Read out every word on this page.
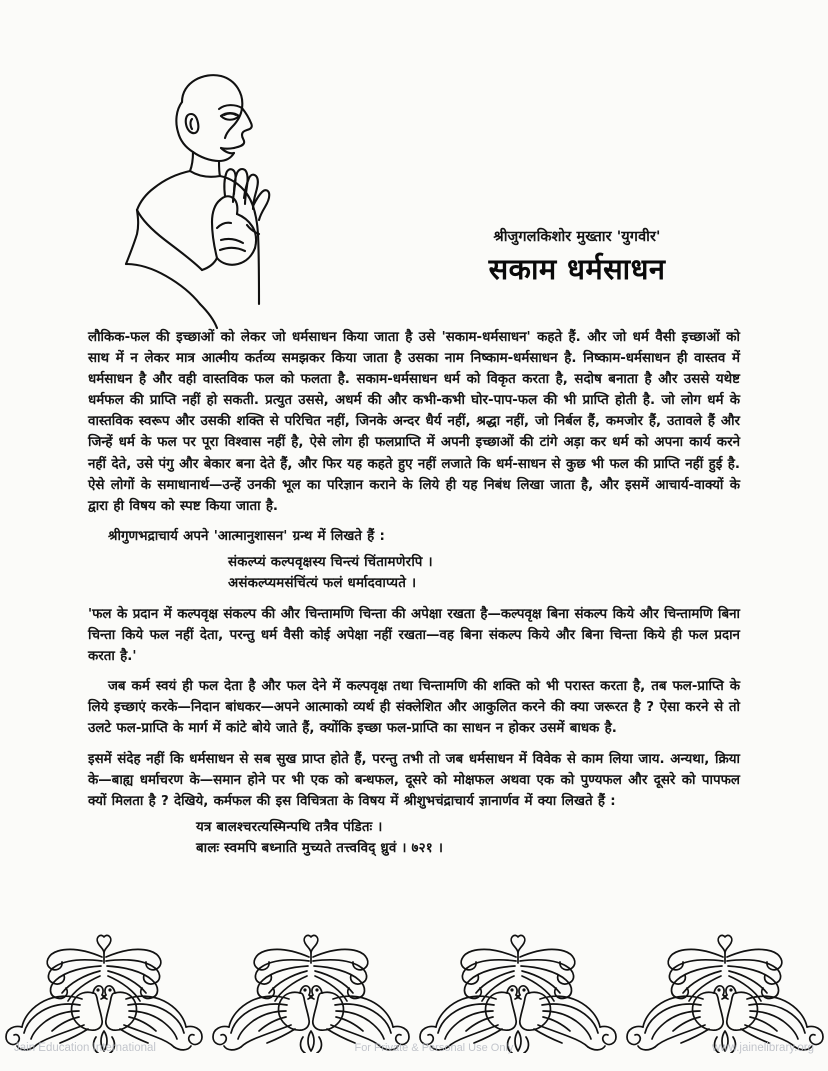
श्रीजुगलकिशोर मुख्तार 'युगवीर'
सकाम धर्मसाधन

लौकिक-फल की इच्छाओं को लेकर जो धर्मसाधन किया जाता है उसे 'सकाम-धर्मसाधन' कहते हैं. और जो धर्म वैसी इच्छाओं को साथ में न लेकर मात्र आत्मीय कर्तव्य समझकर किया जाता है उसका नाम निष्काम-धर्मसाधन है. निष्काम-धर्मसाधन ही वास्तव में धर्मसाधन है और वही वास्तविक फल को फलता है. सकाम-धर्मसाधन धर्म को विकृत करता है, सदोष बनाता है और उससे यथेष्ट धर्मफल की प्राप्ति नहीं हो सकती. प्रत्युत उससे, अधर्म की और कभी-कभी घोर-पाप-फल की भी प्राप्ति होती है. जो लोग धर्म के वास्तविक स्वरूप और उसकी शक्ति से परिचित नहीं, जिनके अन्दर धैर्य नहीं, श्रद्धा नहीं, जो निर्बल हैं, कमजोर हैं, उतावले हैं और जिन्हें धर्म के फल पर पूरा विश्वास नहीं है, ऐसे लोग ही फलप्राप्ति में अपनी इच्छाओं की टांगे अड़ा कर धर्म को अपना कार्य करने नहीं देते, उसे पंगु और बेकार बना देते हैं, और फिर यह कहते हुए नहीं लजाते कि धर्म-साधन से कुछ भी फल की प्राप्ति नहीं हुई है. ऐसे लोगों के समाधानार्थ—उन्हें उनकी भूल का परिज्ञान कराने के लिये ही यह निबंध लिखा जाता है, और इसमें आचार्य-वाक्यों के द्वारा ही विषय को स्पष्ट किया जाता है.

श्रीगुणभद्राचार्य अपने 'आत्मानुशासन' ग्रन्थ में लिखते हैं :

संकल्प्यं कल्पवृक्षस्य चिन्त्यं चिंतामणेरपि ।
असंकल्प्यमसंचिंत्यं फलं धर्मादवाप्यते ।

'फल के प्रदान में कल्पवृक्ष संकल्प की और चिन्तामणि चिन्ता की अपेक्षा रखता है—कल्पवृक्ष बिना संकल्प किये और चिन्तामणि बिना चिन्ता किये फल नहीं देता, परन्तु धर्म वैसी कोई अपेक्षा नहीं रखता—वह बिना संकल्प किये और बिना चिन्ता किये ही फल प्रदान करता है.'

जब कर्म स्वयं ही फल देता है और फल देने में कल्पवृक्ष तथा चिन्तामणि की शक्ति को भी परास्त करता है, तब फल-प्राप्ति के लिये इच्छाएं करके—निदान बांधकर—अपने आत्माको व्यर्थ ही संक्लेशित और आकुलित करने की क्या जरूरत है ? ऐसा करने से तो उलटे फल-प्राप्ति के मार्ग में कांटे बोये जाते हैं, क्योंकि इच्छा फल-प्राप्ति का साधन न होकर उसमें बाधक है.

इसमें संदेह नहीं कि धर्मसाधन से सब सुख प्राप्त होते हैं, परन्तु तभी तो जब धर्मसाधन में विवेक से काम लिया जाय. अन्यथा, क्रिया के—बाह्य धर्माचरण के—समान होने पर भी एक को बन्धफल, दूसरे को मोक्षफल अथवा एक को पुण्यफल और दूसरे को पापफल क्यों मिलता है ? देखिये, कर्मफल की इस विचित्रता के विषय में श्रीशुभचंद्राचार्य ज्ञानार्णव में क्या लिखते हैं :

यत्र बालश्चरत्यस्मिन्पथि तत्रैव पंडितः ।
बालः स्वमपि बध्नाति मुच्यते तत्त्वविद् ध्रुवं । ७२१ ।
Jain Education International	For Private & Personal Use Only	www.jainelibrary.org
